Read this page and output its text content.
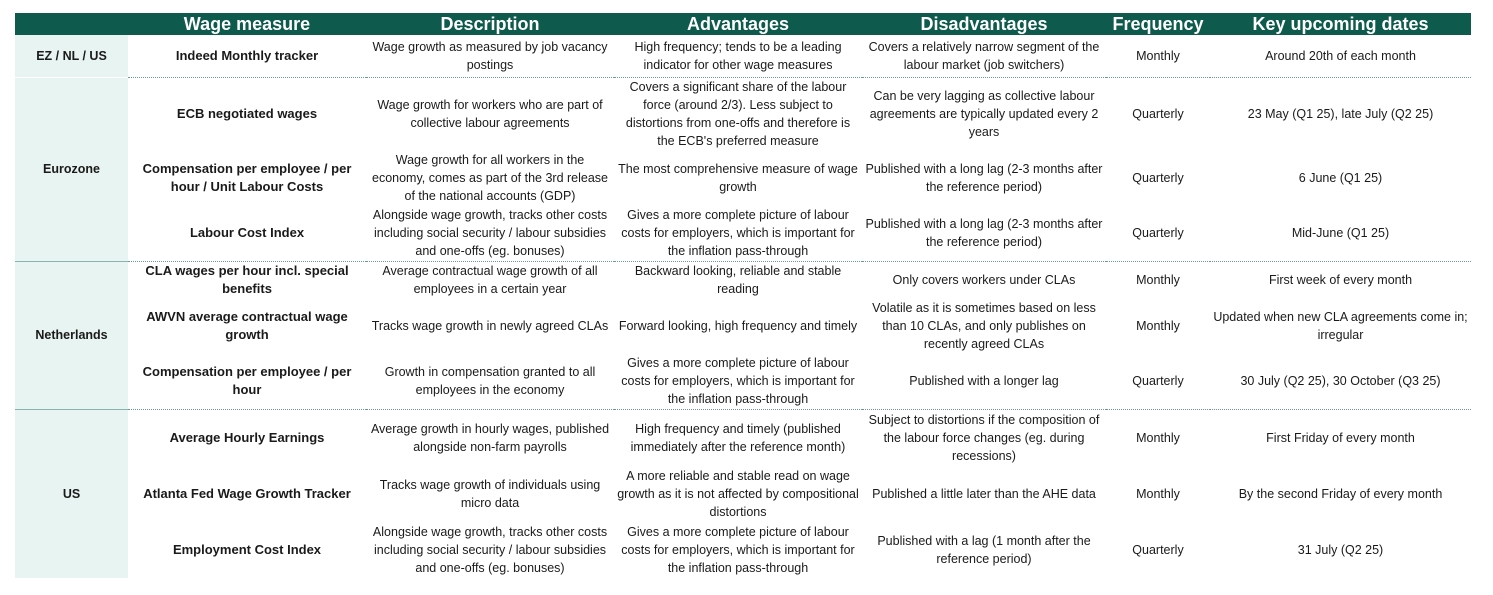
	Wage measure	Description	Advantages	Disadvantages	Frequency	Key upcoming dates
EZ / NL / US	Indeed Monthly tracker	Wage growth as measured by job vacancy postings	High frequency; tends to be a leading indicator for other wage measures	Covers a relatively narrow segment of the labour market (job switchers)	Monthly	Around 20th of each month
Eurozone	ECB negotiated wages	Wage growth for workers who are part of collective labour agreements	Covers a significant share of the labour force (around 2/3). Less subject to distortions from one-offs and therefore is the ECB's preferred measure	Can be very lagging as collective labour agreements are typically updated every 2 years	Quarterly	23 May (Q1 25), late July (Q2 25)
	Compensation per employee / per hour / Unit Labour Costs	Wage growth for all workers in the economy, comes as part of the 3rd release of the national accounts (GDP)	The most comprehensive measure of wage growth	Published with a long lag (2-3 months after the reference period)	Quarterly	6 June (Q1 25)
	Labour Cost Index	Alongside wage growth, tracks other costs including social security / labour subsidies and one-offs (eg. bonuses)	Gives a more complete picture of labour costs for employers, which is important for the inflation pass-through	Published with a long lag (2-3 months after the reference period)	Quarterly	Mid-June (Q1 25)
Netherlands	CLA wages per hour incl. special benefits	Average contractual wage growth of all employees in a certain year	Backward looking, reliable and stable reading	Only covers workers under CLAs	Monthly	First week of every month
	AWVN average contractual wage growth	Tracks wage growth in newly agreed CLAs	Forward looking, high frequency and timely	Volatile as it is sometimes based on less than 10 CLAs, and only publishes on recently agreed CLAs	Monthly	Updated when new CLA agreements come in; irregular
	Compensation per employee / per hour	Growth in compensation granted to all employees in the economy	Gives a more complete picture of labour costs for employers, which is important for the inflation pass-through	Published with a longer lag	Quarterly	30 July (Q2 25), 30 October (Q3 25)
US	Average Hourly Earnings	Average growth in hourly wages, published alongside non-farm payrolls	High frequency and timely (published immediately after the reference month)	Subject to distortions if the composition of the labour force changes (eg. during recessions)	Monthly	First Friday of every month
	Atlanta Fed Wage Growth Tracker	Tracks wage growth of individuals using micro data	A more reliable and stable read on wage growth as it is not affected by compositional distortions	Published a little later than the AHE data	Monthly	By the second Friday of every month
	Employment Cost Index	Alongside wage growth, tracks other costs including social security / labour subsidies and one-offs (eg. bonuses)	Gives a more complete picture of labour costs for employers, which is important for the inflation pass-through	Published with a lag (1 month after the reference period)	Quarterly	31 July (Q2 25)
